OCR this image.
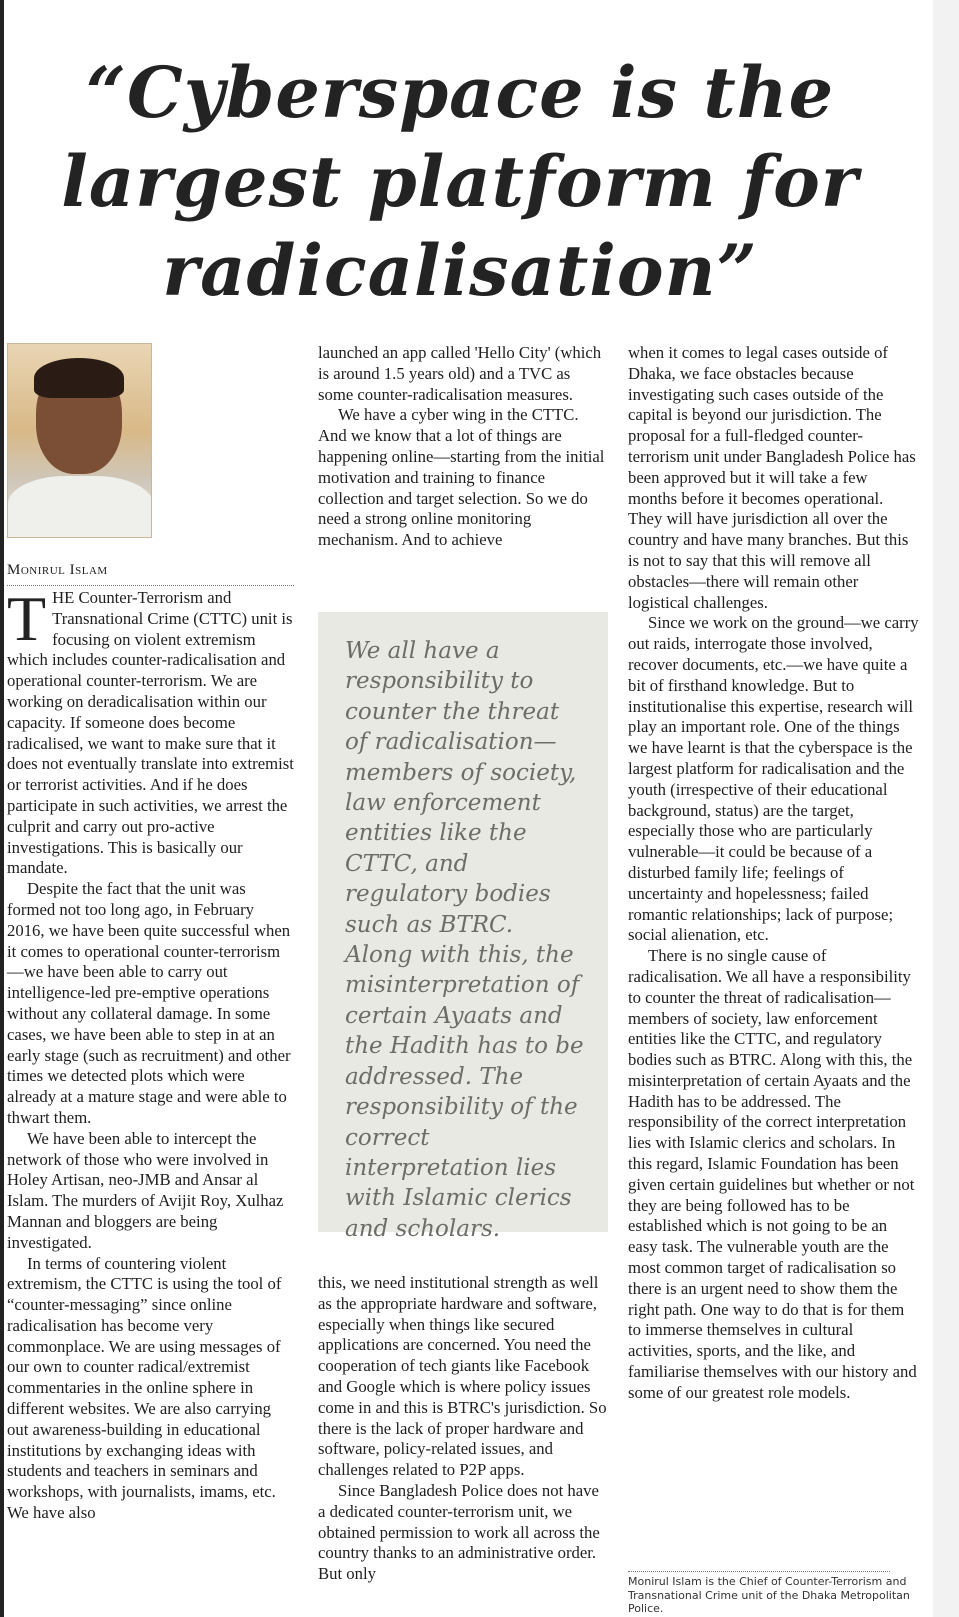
“Cyberspace is the largest platform for radicalisation”
Monirul Islam

THE Counter-Terrorism and Transnational Crime (CTTC) unit is focusing on violent extremism which includes counter-radicalisation and operational counter-terrorism. We are working on deradicalisation within our capacity. If someone does become radicalised, we want to make sure that it does not eventually translate into extremist or terrorist activities. And if he does participate in such activities, we arrest the culprit and carry out pro-active investigations. This is basically our mandate.

Despite the fact that the unit was formed not too long ago, in February 2016, we have been quite successful when it comes to operational counter-terrorism—we have been able to carry out intelligence-led pre-emptive operations without any collateral damage. In some cases, we have been able to step in at an early stage (such as recruitment) and other times we detected plots which were already at a mature stage and were able to thwart them.

We have been able to intercept the network of those who were involved in Holey Artisan, neo-JMB and Ansar al Islam. The murders of Avijit Roy, Xulhaz Mannan and bloggers are being investigated.

In terms of countering violent extremism, the CTTC is using the tool of “counter-messaging” since online radicalisation has become very commonplace. We are using messages of our own to counter radical/extremist commentaries in the online sphere in different websites. We are also carrying out awareness-building in educational institutions by exchanging ideas with students and teachers in seminars and workshops, with journalists, imams, etc. We have also

launched an app called 'Hello City' (which is around 1.5 years old) and a TVC as some counter-radicalisation measures.

We have a cyber wing in the CTTC. And we know that a lot of things are happening online—starting from the initial motivation and training to finance collection and target selection. So we do need a strong online monitoring mechanism. And to achieve

We all have a responsibility to counter the threat of radicalisation—members of society, law enforcement entities like the CTTC, and regulatory bodies such as BTRC. Along with this, the misinterpretation of certain Ayaats and the Hadith has to be addressed. The responsibility of the correct interpretation lies with Islamic clerics and scholars.

this, we need institutional strength as well as the appropriate hardware and software, especially when things like secured applications are concerned. You need the cooperation of tech giants like Facebook and Google which is where policy issues come in and this is BTRC's jurisdiction. So there is the lack of proper hardware and software, policy-related issues, and challenges related to P2P apps.

Since Bangladesh Police does not have a dedicated counter-terrorism unit, we obtained permission to work all across the country thanks to an administrative order. But only

when it comes to legal cases outside of Dhaka, we face obstacles because investigating such cases outside of the capital is beyond our jurisdiction. The proposal for a full-fledged counter-terrorism unit under Bangladesh Police has been approved but it will take a few months before it becomes operational. They will have jurisdiction all over the country and have many branches. But this is not to say that this will remove all obstacles—there will remain other logistical challenges.

Since we work on the ground—we carry out raids, interrogate those involved, recover documents, etc.—we have quite a bit of firsthand knowledge. But to institutionalise this expertise, research will play an important role. One of the things we have learnt is that the cyberspace is the largest platform for radicalisation and the youth (irrespective of their educational background, status) are the target, especially those who are particularly vulnerable—it could be because of a disturbed family life; feelings of uncertainty and hopelessness; failed romantic relationships; lack of purpose; social alienation, etc.

There is no single cause of radicalisation. We all have a responsibility to counter the threat of radicalisation—members of society, law enforcement entities like the CTTC, and regulatory bodies such as BTRC. Along with this, the misinterpretation of certain Ayaats and the Hadith has to be addressed. The responsibility of the correct interpretation lies with Islamic clerics and scholars. In this regard, Islamic Foundation has been given certain guidelines but whether or not they are being followed has to be established which is not going to be an easy task. The vulnerable youth are the most common target of radicalisation so there is an urgent need to show them the right path. One way to do that is for them to immerse themselves in cultural activities, sports, and the like, and familiarise themselves with our history and some of our greatest role models.

Monirul Islam is the Chief of Counter-Terrorism and Transnational Crime unit of the Dhaka Metropolitan Police.
